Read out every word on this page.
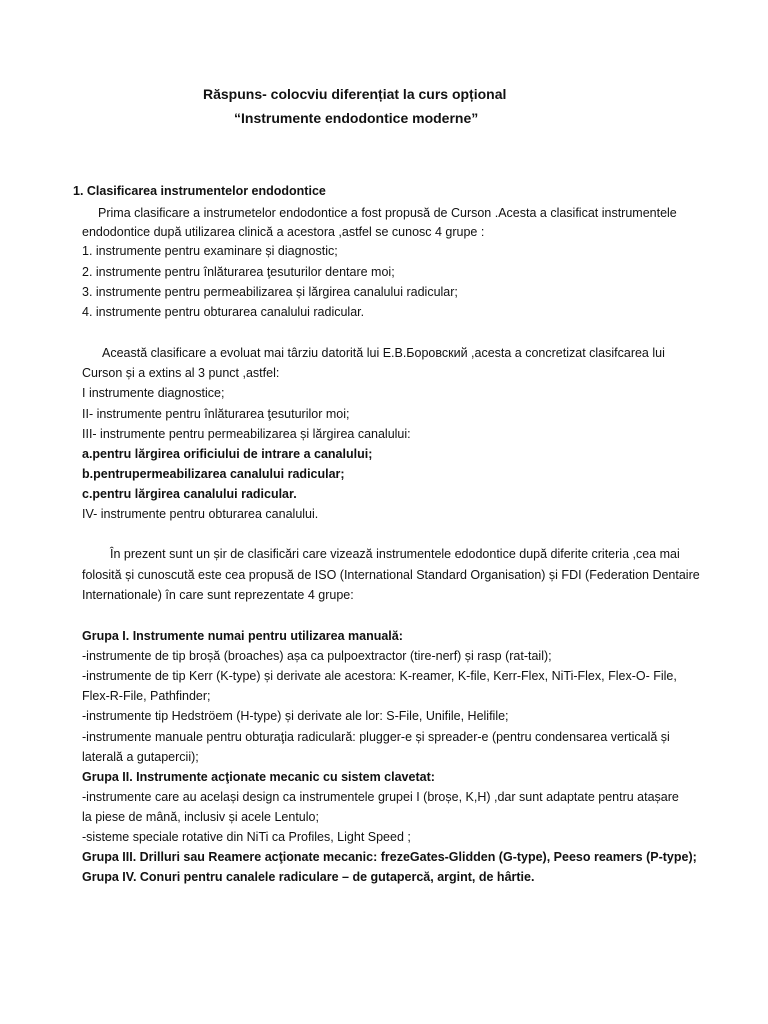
Răspuns- colocviu diferențiat la curs opțional
“Instrumente endodontice moderne”
1. Clasificarea instrumentelor endodontice
Prima clasificare a instrumetelor endodontice a fost propusă de Curson .Acesta a clasificat instrumentele
endodontice după utilizarea clinică a acestora ,astfel se cunosc 4 grupe :
1. instrumente pentru examinare și diagnostic;
2. instrumente pentru înlăturarea ţesuturilor dentare moi;
3. instrumente pentru permeabilizarea și lărgirea canalului radicular;
4. instrumente pentru obturarea canalului radicular.
Această clasificare a evoluat mai târziu datorită lui E.В.Боровский ,acesta a concretizat clasifcarea lui
Curson și a extins al 3 punct ,astfel:
I instrumente diagnostice;
II- instrumente pentru înlăturarea ţesuturilor moi;
III- instrumente pentru permeabilizarea și lărgirea canalului:
a.pentru lărgirea orificiului de intrare a canalului;
b.pentrupermeabilizarea canalului radicular;
c.pentru lărgirea canalului radicular.
IV- instrumente pentru obturarea canalului.
În prezent sunt un șir de clasificări care vizează instrumentele edodontice după diferite criteria ,cea mai
folosită și cunoscută este cea propusă de ISO (International Standard Organisation) și FDI (Federation Dentaire
Internationale) în care sunt reprezentate 4 grupe:
Grupa I. Instrumente numai pentru utilizarea manuală:
-instrumente de tip broșă (broaches) așa ca pulpoextractor (tire-nerf) și rasp (rat-tail);
-instrumente de tip Kerr (K-type) și derivate ale acestora: K-reamer, K-file, Kerr-Flex, NiTi-Flex, Flex-O- File,
Flex-R-File, Pathfinder;
-instrumente tip Hedströem (H-type) și derivate ale lor: S-File, Unifile, Helifile;
-instrumente manuale pentru obturaţia radiculară: plugger-e și spreader-e (pentru condensarea verticală și
laterală a gutapercii);
Grupa II. Instrumente acţionate mecanic cu sistem clavetat:
-instrumente care au același design ca instrumentele grupei I (broșe, K,H) ,dar sunt adaptate pentru atașare
la piese de mână, inclusiv și acele Lentulo;
-sisteme speciale rotative din NiTi ca Profiles, Light Speed ;
Grupa III. Drilluri sau Reamere acţionate mecanic: frezeGates-Glidden (G-type), Peeso reamers (P-type);
Grupa IV. Conuri pentru canalele radiculare – de gutapercă, argint, de hârtie.
